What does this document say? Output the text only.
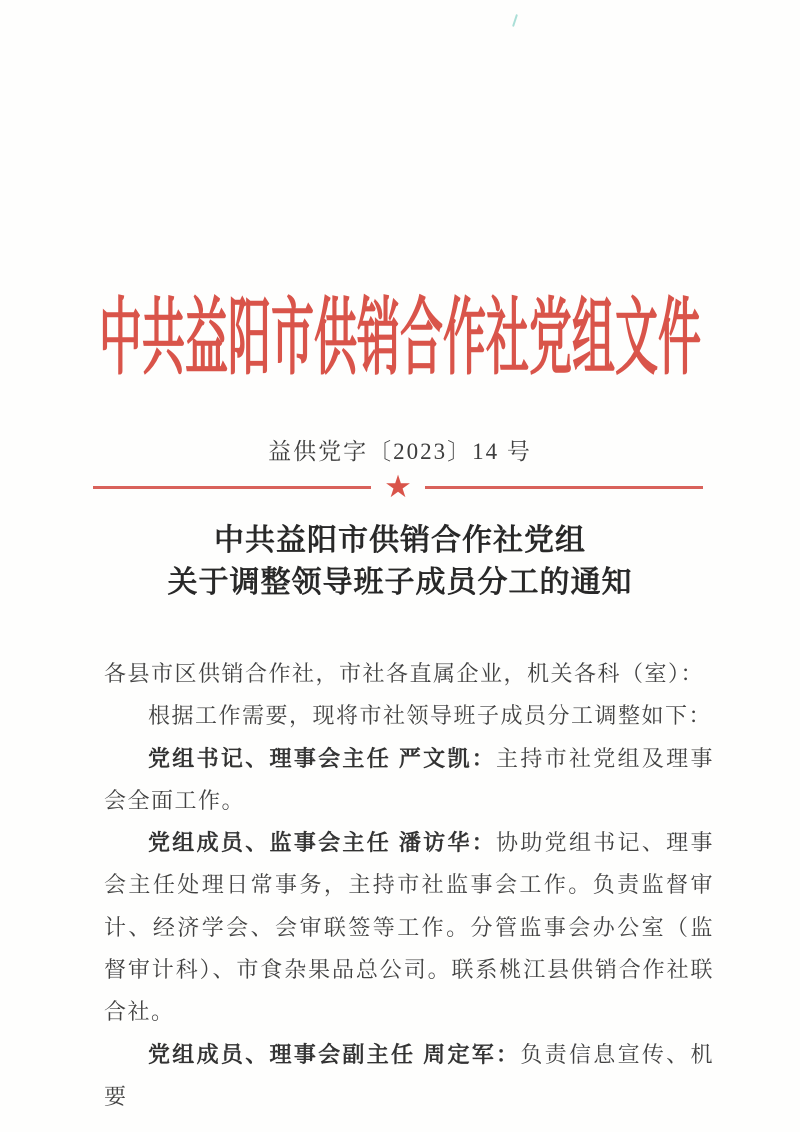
中共益阳市供销合作社党组文件
益供党字〔2023〕14 号
★
中共益阳市供销合作社党组
关于调整领导班子成员分工的通知

各县市区供销合作社，市社各直属企业，机关各科（室）：

根据工作需要，现将市社领导班子成员分工调整如下：

党组书记、理事会主任 严文凯：主持市社党组及理事会全面工作。

党组成员、监事会主任 潘访华：协助党组书记、理事会主任处理日常事务，主持市社监事会工作。负责监督审计、经济学会、会审联签等工作。分管监事会办公室（监督审计科）、市食杂果品总公司。联系桃江县供销合作社联合社。

党组成员、理事会副主任 周定军：负责信息宣传、机要
